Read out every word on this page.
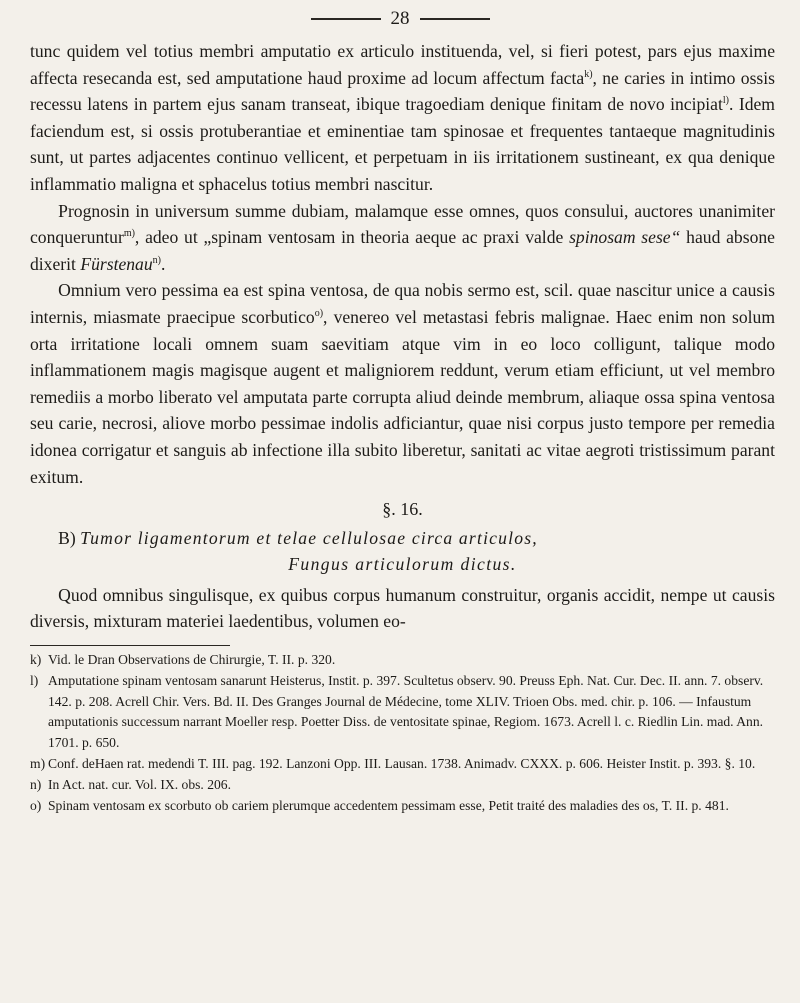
28

tunc quidem vel totius membri amputatio ex articulo instituenda, vel, si fieri potest, pars ejus maxime affecta resecanda est, sed amputatione haud proxime ad locum affectum facta$^{k)}$, ne caries in intimo ossis recessu latens in partem ejus sanam transeat, ibique tragoediam denique finitam de novo incipiat$^{l)}$. Idem faciendum est, si ossis protuberantiae et eminentiae tam spinosae et frequentes tantaeque magnitudinis sunt, ut partes adjacentes continuo vellicent, et perpetuam in iis irritationem sustineant, ex qua denique inflammatio maligna et sphacelus totius membri nascitur.

Prognosin in universum summe dubiam, malamque esse omnes, quos consului, auctores unanimiter conqueruntur$^{m)}$, adeo ut „spinam ventosam in theoria aeque ac praxi valde spinosam sese“ haud absone dixerit Fürstenau$^{n)}$.

Omnium vero pessima ea est spina ventosa, de qua nobis sermo est, scil. quae nascitur unice a causis internis, miasmate praecipue scorbutico$^{o)}$, venereo vel metastasi febris malignae. Haec enim non solum orta irritatione locali omnem suam saevitiam atque vim in eo loco colligunt, talique modo inflammationem magis magisque augent et maligniorem reddunt, verum etiam efficiunt, ut vel membro remediis a morbo liberato vel amputata parte corrupta aliud deinde membrum, aliaque ossa spina ventosa seu carie, necrosi, aliove morbo pessimae indolis adficiantur, quae nisi corpus justo tempore per remedia idonea corrigatur et sanguis ab infectione illa subito liberetur, sanitati ac vitae aegroti tristissimum parant exitum.

§. 16.

B) Tumor ligamentorum et telae cellulosae circa articulos,

Fungus articulorum dictus.

Quod omnibus singulisque, ex quibus corpus humanum construitur, organis accidit, nempe ut causis diversis, mixturam materiei laedentibus, volumen eo-

k) Vid. le Dran Observations de Chirurgie, T. II. p. 320.

l) Amputatione spinam ventosam sanarunt Heisterus, Instit. p. 397. Scultetus observ. 90. Preuss Eph. Nat. Cur. Dec. II. ann. 7. observ. 142. p. 208. Acrell Chir. Vers. Bd. II. Des Granges Journal de Médecine, tome XLIV. Trioen Obs. med. chir. p. 106. — Infaustum amputationis successum narrant Moeller resp. Poetter Diss. de ventositate spinae, Regiom. 1673. Acrell l. c. Riedlin Lin. mad. Ann. 1701. p. 650.

m) Conf. deHaen rat. medendi T. III. pag. 192. Lanzoni Opp. III. Lausan. 1738. Animadv. CXXX. p. 606. Heister Instit. p. 393. §. 10.

n) In Act. nat. cur. Vol. IX. obs. 206.

o) Spinam ventosam ex scorbuto ob cariem plerumque accedentem pessimam esse, Petit traité des maladies des os, T. II. p. 481.
